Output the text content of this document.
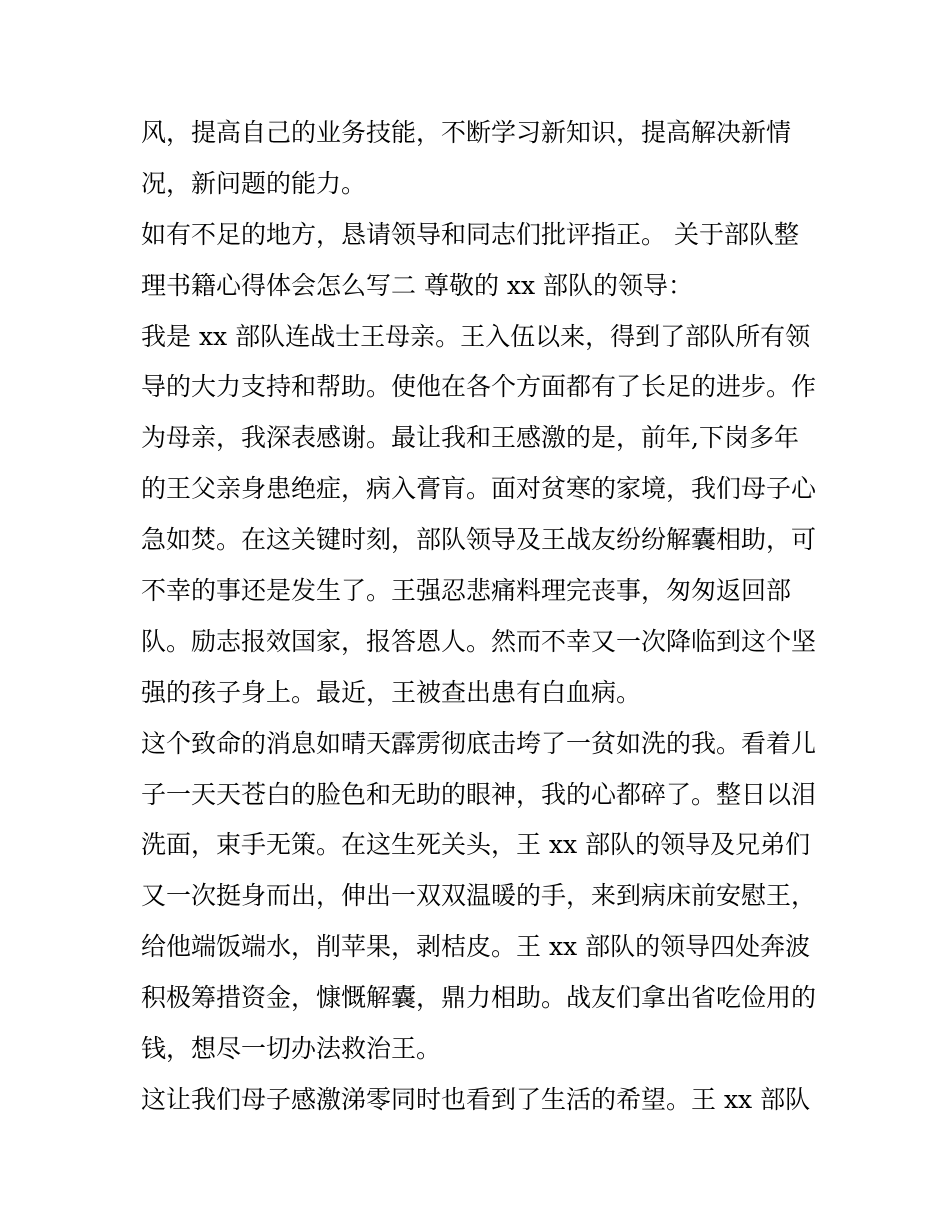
风，提高自己的业务技能，不断学习新知识，提高解决新情
况，新问题的能力。
如有不足的地方，恳请领导和同志们批评指正。 关于部队整
理书籍心得体会怎么写二 尊敬的 xx 部队的领导：
我是 xx 部队连战士王母亲。王入伍以来，得到了部队所有领
导的大力支持和帮助。使他在各个方面都有了长足的进步。作
为母亲，我深表感谢。最让我和王感激的是，前年,下岗多年
的王父亲身患绝症，病入膏肓。面对贫寒的家境，我们母子心
急如焚。在这关键时刻，部队领导及王战友纷纷解囊相助，可
不幸的事还是发生了。王强忍悲痛料理完丧事，匆匆返回部
队。励志报效国家，报答恩人。然而不幸又一次降临到这个坚
强的孩子身上。最近，王被查出患有白血病。
这个致命的消息如晴天霹雳彻底击垮了一贫如洗的我。看着儿
子一天天苍白的脸色和无助的眼神，我的心都碎了。整日以泪
洗面，束手无策。在这生死关头，王 xx 部队的领导及兄弟们
又一次挺身而出，伸出一双双温暖的手，来到病床前安慰王，
给他端饭端水，削苹果，剥桔皮。王 xx 部队的领导四处奔波
积极筹措资金，慷慨解囊，鼎力相助。战友们拿出省吃俭用的
钱，想尽一切办法救治王。
这让我们母子感激涕零同时也看到了生活的希望。王 xx 部队
